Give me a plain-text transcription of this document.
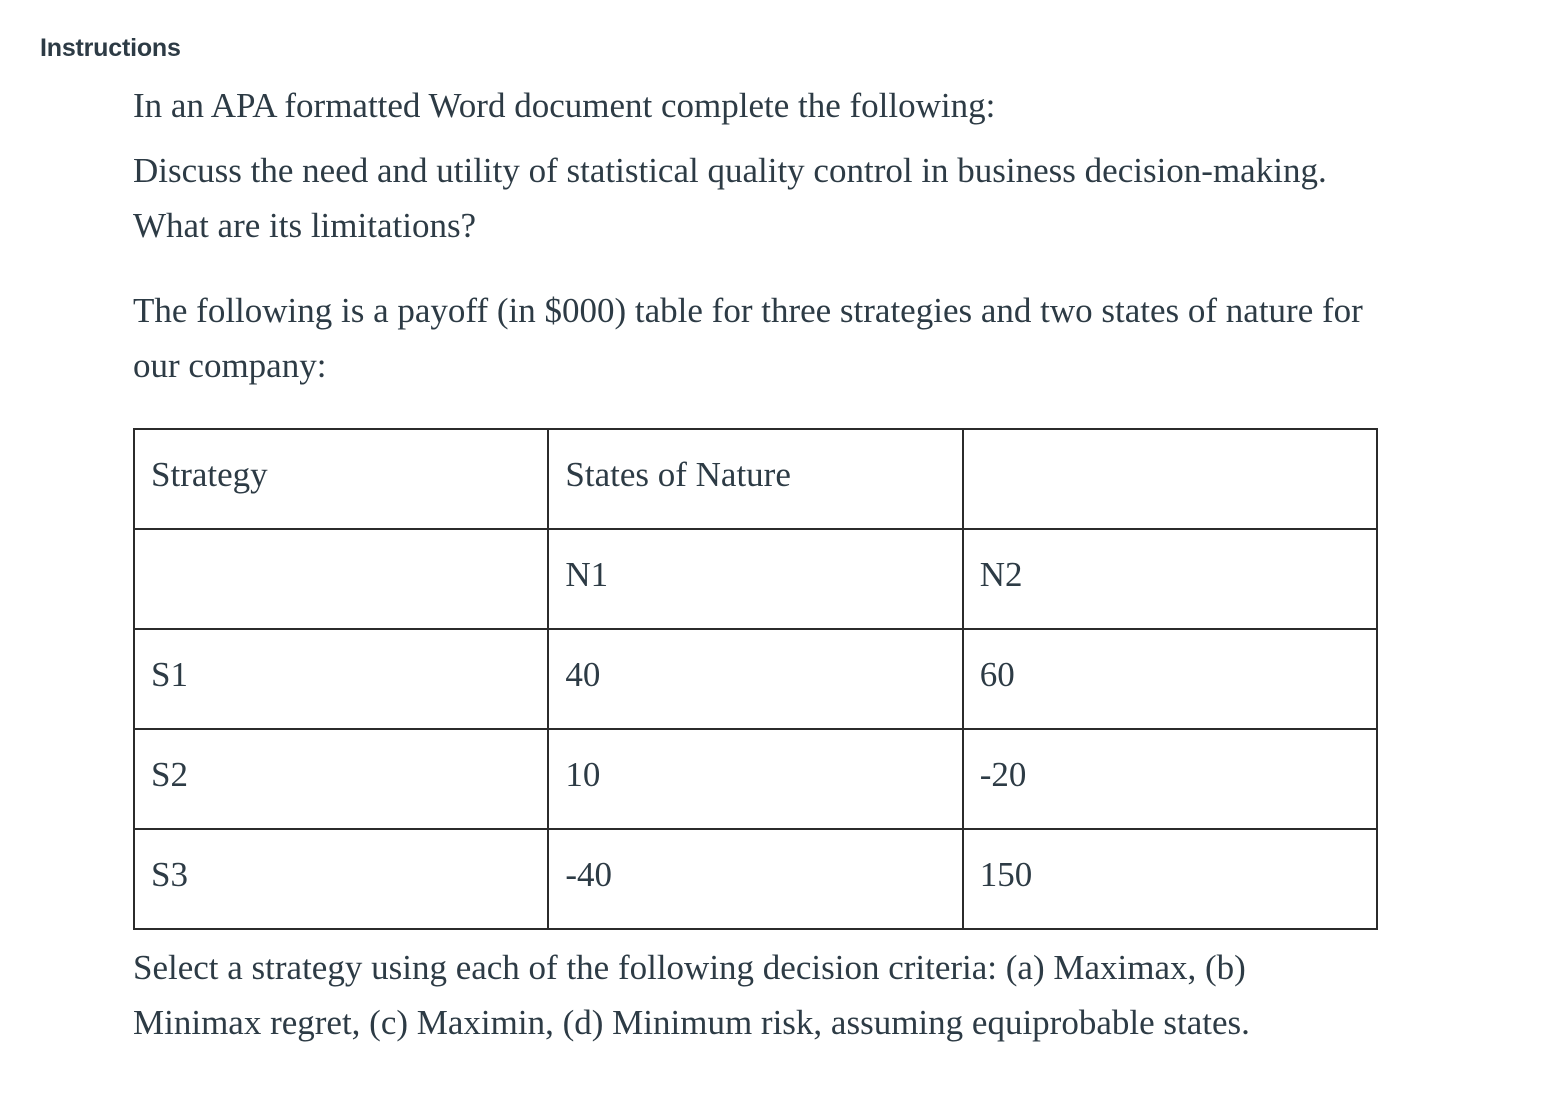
Instructions

In an APA formatted Word document complete the following:

Discuss the need and utility of statistical quality control in business decision-making.
What are its limitations?

The following is a payoff (in $000) table for three strategies and two states of nature for
our company:

Strategy	States of Nature	

	N1	N2

S1	40	60

S2	10	-20

S3	-40	150

Select a strategy using each of the following decision criteria: (a) Maximax, (b)
Minimax regret, (c) Maximin, (d) Minimum risk, assuming equiprobable states.
